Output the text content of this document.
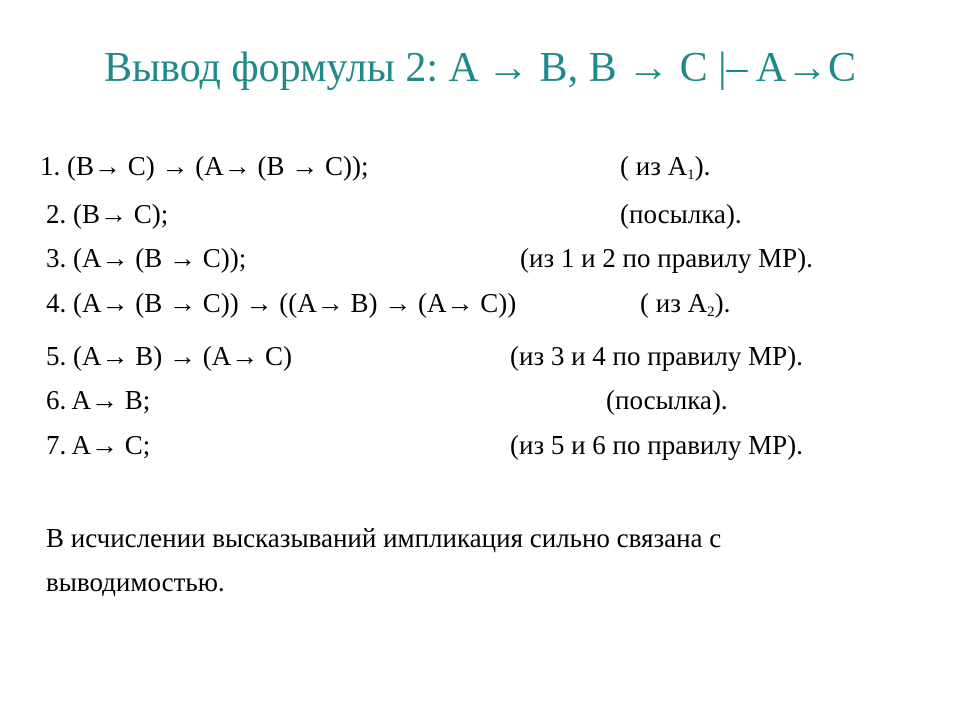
Вывод формулы 2: A → B, B → C |– A→C
1. (B→ C) → (A→ (B → C));	( из $A_1$).
2. (B→ C);	(посылка).
3. (A→ (B → C));	(из 1 и 2 по правилу MP).
4. (A→ (B → C)) → ((A→ B) → (A→ C))	( из $A_2$).
5. (A→ B) → (A→ C)	(из 3 и 4 по правилу MP).
6. A→ B;	(посылка).
7. A→ C;	(из 5 и 6 по правилу MP).
В исчислении высказываний импликация сильно связана с выводимостью.
